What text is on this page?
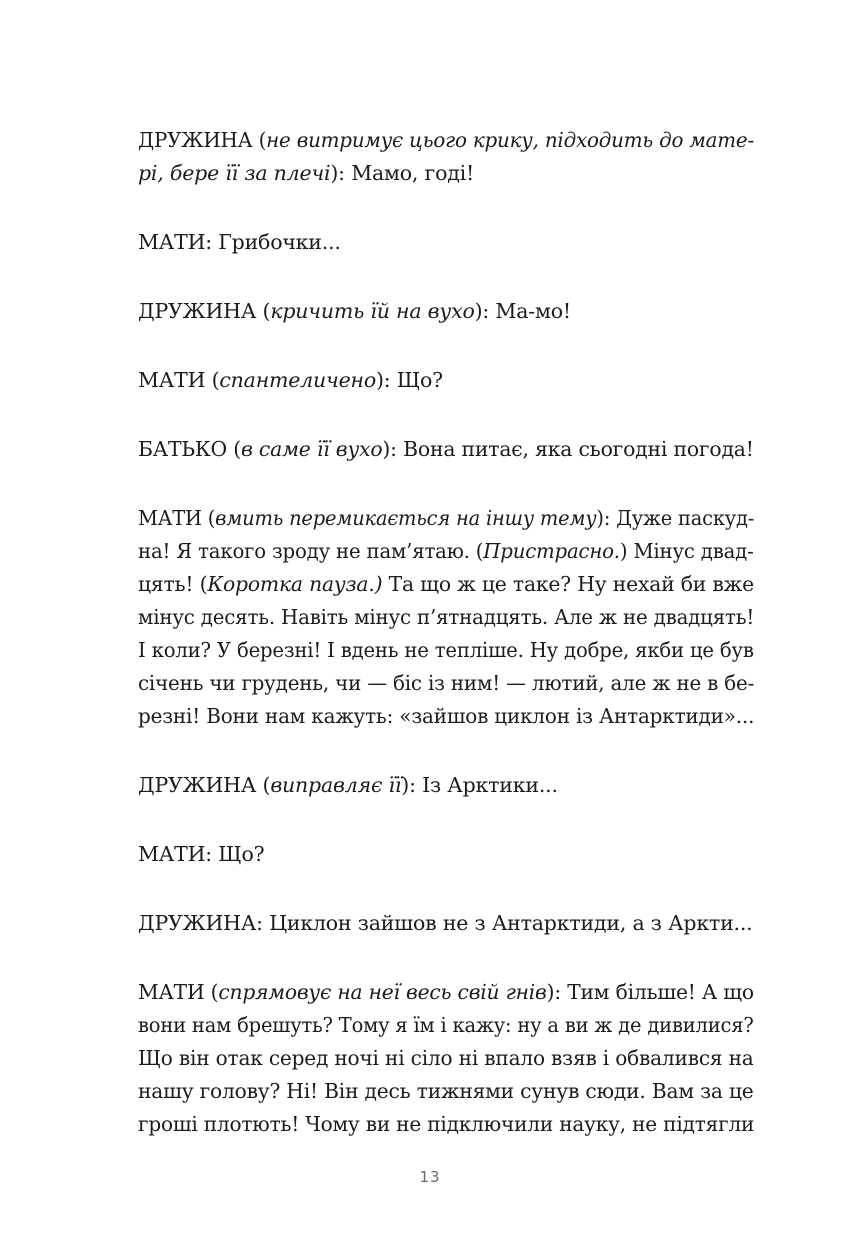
ДРУЖИНА (не витримує цього крику, підходить до мате-
рі, бере її за плечі): Мамо, годі!

МАТИ: Грибочки...

ДРУЖИНА (кричить їй на вухо): Ма-мо!

МАТИ (спантеличено): Що?

БАТЬКО (в саме її вухо): Вона питає, яка сьогодні погода!

МАТИ (вмить перемикається на іншу тему): Дуже паскуд-
на! Я такого зроду не пам’ятаю. (Пристрасно.) Мінус двад-
цять! (Коротка пауза.) Та що ж це таке? Ну нехай би вже
мінус десять. Навіть мінус п’ятнадцять. Але ж не двадцять!
І коли? У березні! І вдень не тепліше. Ну добре, якби це був
січень чи грудень, чи — біс із ним! — лютий, але ж не в бе-
резні! Вони нам кажуть: «зайшов циклон із Антарктиди»...

ДРУЖИНА (виправляє її): Із Арктики...

МАТИ: Що?

ДРУЖИНА: Циклон зайшов не з Антарктиди, а з Аркти...

МАТИ (спрямовує на неї весь свій гнів): Тим більше! А що
вони нам брешуть? Тому я їм і кажу: ну а ви ж де дивилися?
Що він отак серед ночі ні сіло ні впало взяв і обвалився на
нашу голову? Ні! Він десь тижнями сунув сюди. Вам за це
гроші плотють! Чому ви не підключили науку, не підтягли

13
